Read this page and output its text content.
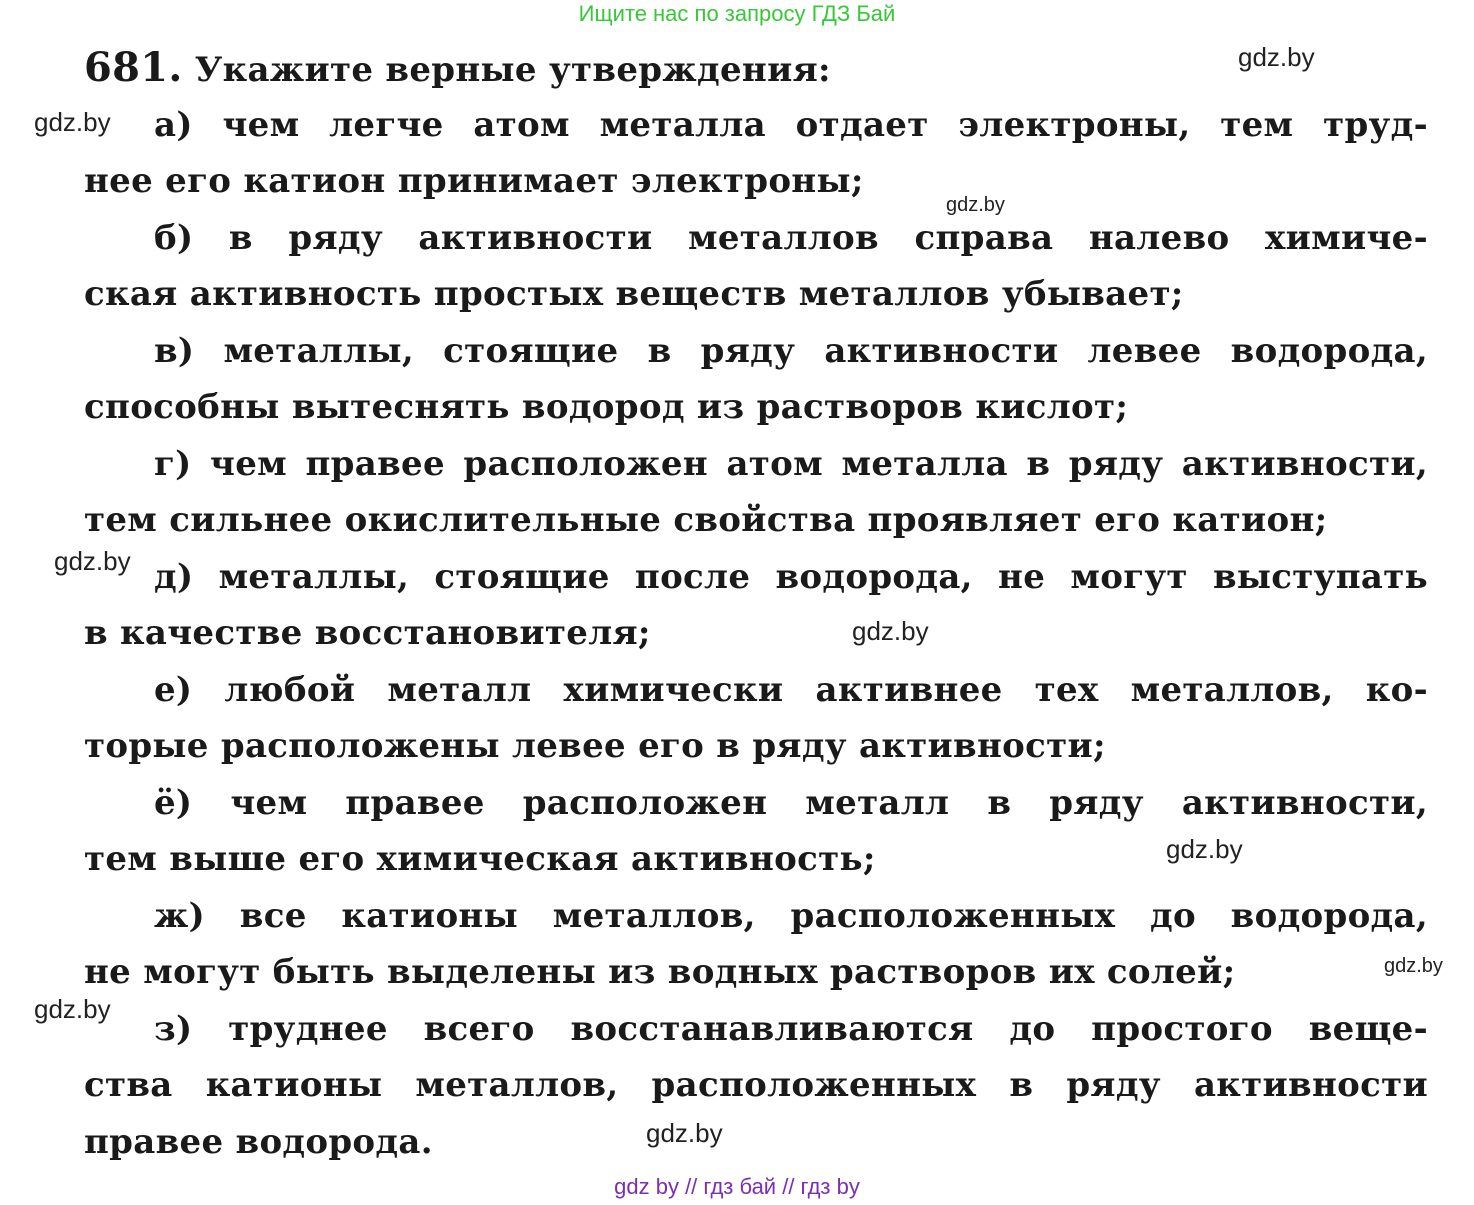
Ищите нас по запросу ГДЗ Бай
681. Укажите верные утверждения:
а) чем легче атом металла отдает электроны, тем труд-
нее его катион принимает электроны;
б) в ряду активности металлов справа налево химиче-
ская активность простых веществ металлов убывает;
в) металлы, стоящие в ряду активности левее водорода,
способны вытеснять водород из растворов кислот;
г) чем правее расположен атом металла в ряду активности,
тем сильнее окислительные свойства проявляет его катион;
д) металлы, стоящие после водорода, не могут выступать
в качестве восстановителя;
е) любой металл химически активнее тех металлов, ко-
торые расположены левее его в ряду активности;
ё) чем правее расположен металл в ряду активности,
тем выше его химическая активность;
ж) все катионы металлов, расположенных до водорода,
не могут быть выделены из водных растворов их солей;
з) труднее всего восстанавливаются до простого веще-
ства катионы металлов, расположенных в ряду активности
правее водорода.
gdz.by
gdz.by
gdz.by
gdz.by
gdz.by
gdz.by
gdz.by
gdz.by
gdz.by
gdz by // гдз бай // гдз by
